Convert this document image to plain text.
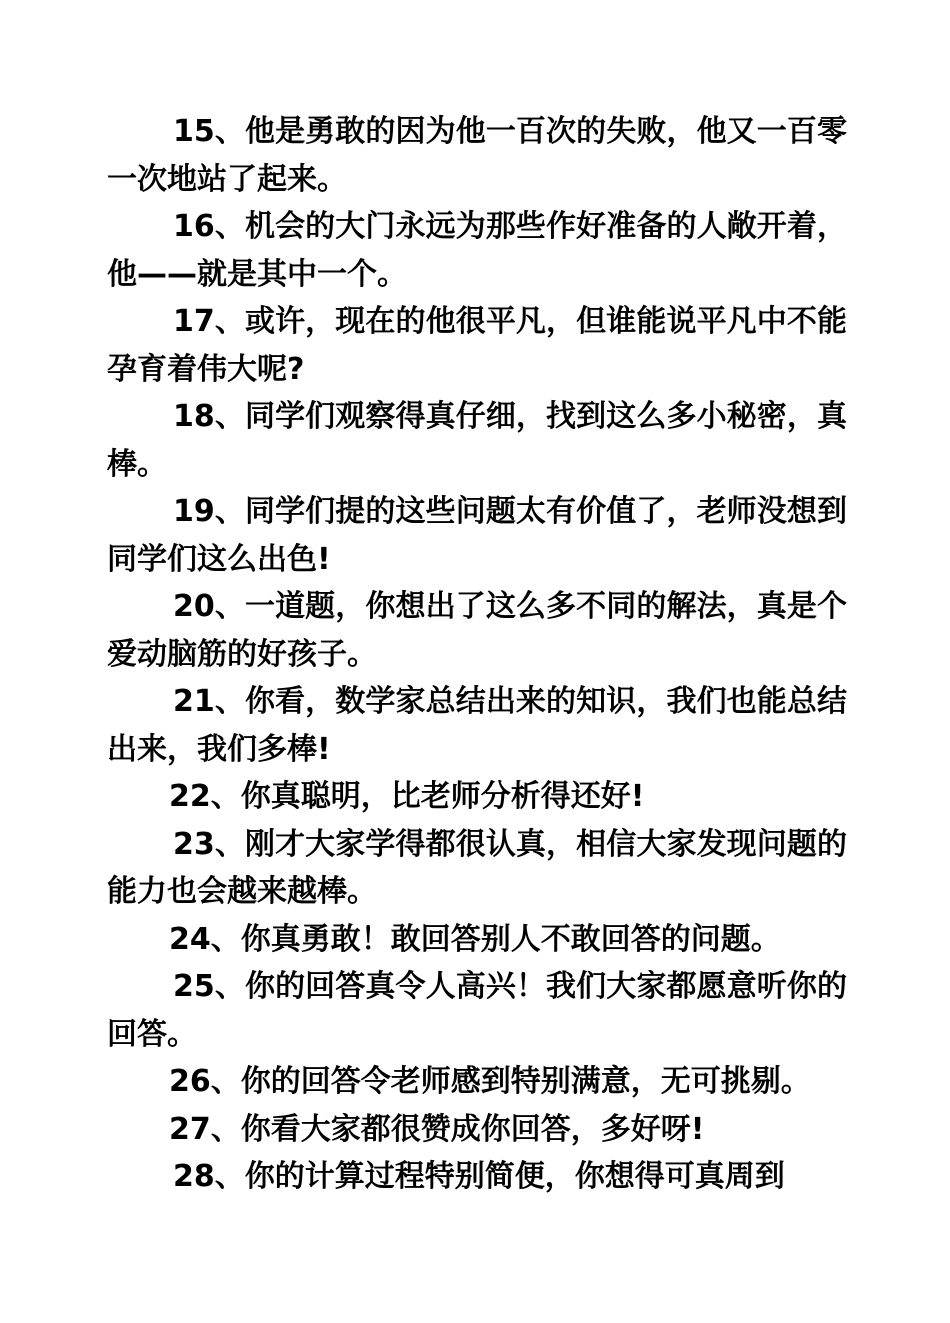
15、他是勇敢的因为他一百次的失败，他又一百零一次地站了起来。

16、机会的大门永远为那些作好准备的人敞开着，他——就是其中一个。

17、或许，现在的他很平凡，但谁能说平凡中不能孕育着伟大呢?

18、同学们观察得真仔细，找到这么多小秘密，真棒。

19、同学们提的这些问题太有价值了，老师没想到同学们这么出色!

20、一道题，你想出了这么多不同的解法，真是个爱动脑筋的好孩子。

21、你看，数学家总结出来的知识，我们也能总结出来，我们多棒!

22、你真聪明，比老师分析得还好!

23、刚才大家学得都很认真，相信大家发现问题的能力也会越来越棒。

24、你真勇敢！敢回答别人不敢回答的问题。

25、你的回答真令人高兴！我们大家都愿意听你的回答。

26、你的回答令老师感到特别满意，无可挑剔。

27、你看大家都很赞成你回答，多好呀!

28、你的计算过程特别简便，你想得可真周到
